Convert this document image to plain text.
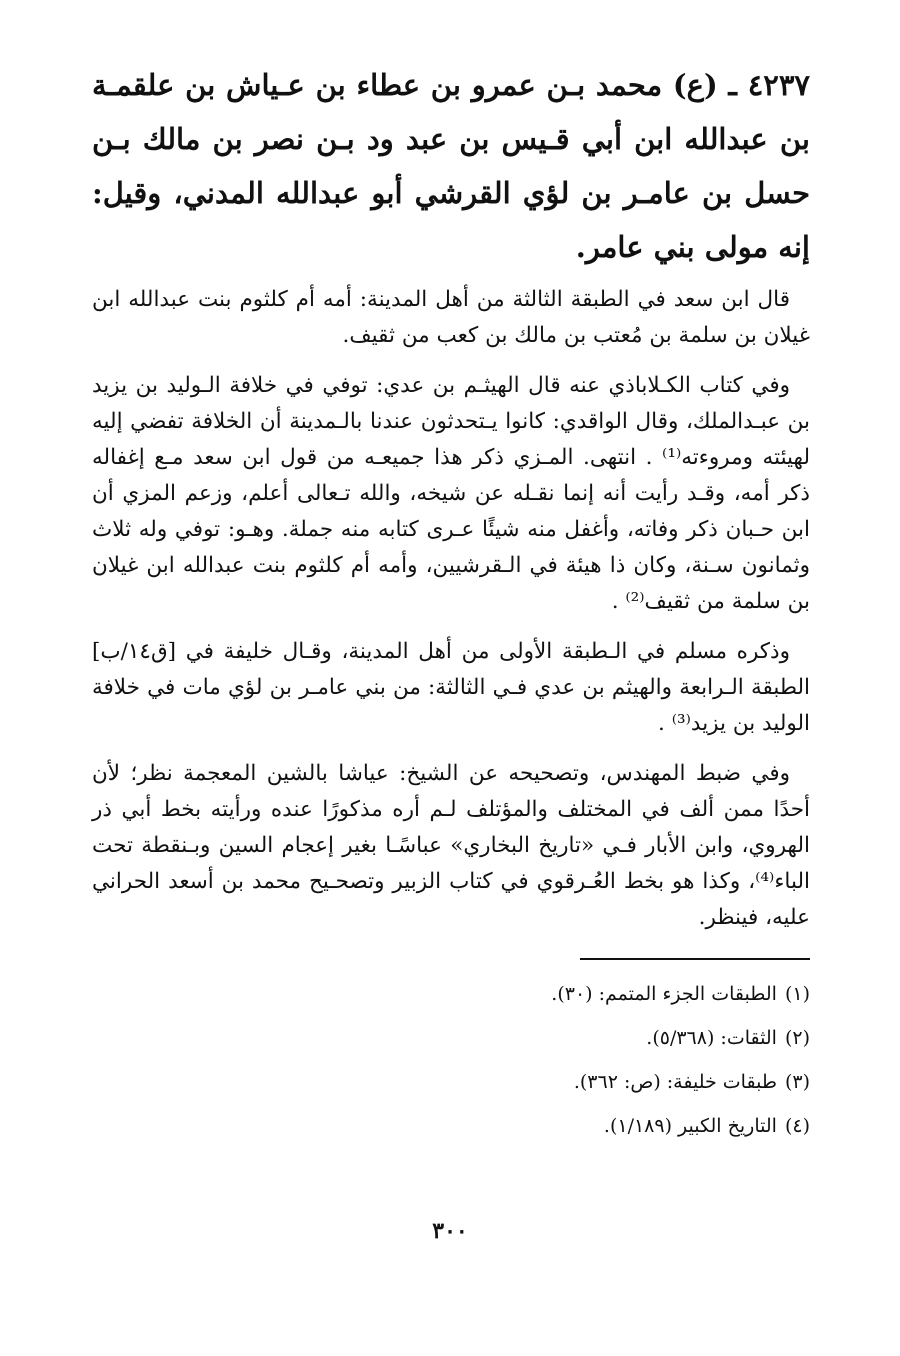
٤٢٣٧ ـ (ع) محمد بـن عمرو بن عطاء بن عـياش بن علقمـة بن عبدالله ابن أبي قـيس بن عبد ود بـن نصر بن مالك بـن حسل بن عامـر بن لؤي القرشي أبو عبدالله المدني، وقيل: إنه مولى بني عامر.
قال ابن سعد في الطبقة الثالثة من أهل المدينة: أمه أم كلثوم بنت عبدالله ابن غيلان بن سلمة بن مُعتب بن مالك بن كعب من ثقيف.
وفي كتاب الكـلاباذي عنه قال الهيثـم بن عدي: توفي في خلافة الـوليد بن يزيد بن عبـدالملك، وقال الواقدي: كانوا يـتحدثون عندنا بالـمدينة أن الخلافة تفضي إليه لهيئته ومروءته⁽¹⁾ . انتهى. المـزي ذكر هذا جميعـه من قول ابن سعد مـع إغفاله ذكر أمه، وقـد رأيت أنه إنما نقـله عن شيخه، والله تـعالى أعلم، وزعم المزي أن ابن حـبان ذكر وفاته، وأغفل منه شيئًا عـرى كتابه منه جملة. وهـو: توفي وله ثلاث وثمانون سـنة، وكان ذا هيئة في الـقرشيين، وأمه أم كلثوم بنت عبدالله ابن غيلان بن سلمة من ثقيف⁽²⁾ .
وذكره مسلم في الـطبقة الأولى من أهل المدينة، وقـال خليفة في [ق١٤/ب] الطبقة الـرابعة والهيثم بن عدي فـي الثالثة: من بني عامـر بن لؤي مات في خلافة الوليد بن يزيد⁽³⁾ .
وفي ضبط المهندس، وتصحيحه عن الشيخ: عياشا بالشين المعجمة نظر؛ لأن أحدًا ممن ألف في المختلف والمؤتلف لـم أره مذكورًا عنده ورأيته بخط أبي ذر الهروي، وابن الأبار فـي «تاريخ البخاري» عباسًـا بغير إعجام السين وبـنقطة تحت الباء⁽⁴⁾، وكذا هو بخط العُـرقوي في كتاب الزبير وتصحـيح محمد بن أسعد الحراني عليه، فينظر.
(١)الطبقات الجزء المتمم: (٣٠).
(٢)الثقات: (٥/٣٦٨).
(٣)طبقات خليفة: (ص: ٣٦٢).
(٤)التاريخ الكبير (١/١٨٩).
٣٠٠
